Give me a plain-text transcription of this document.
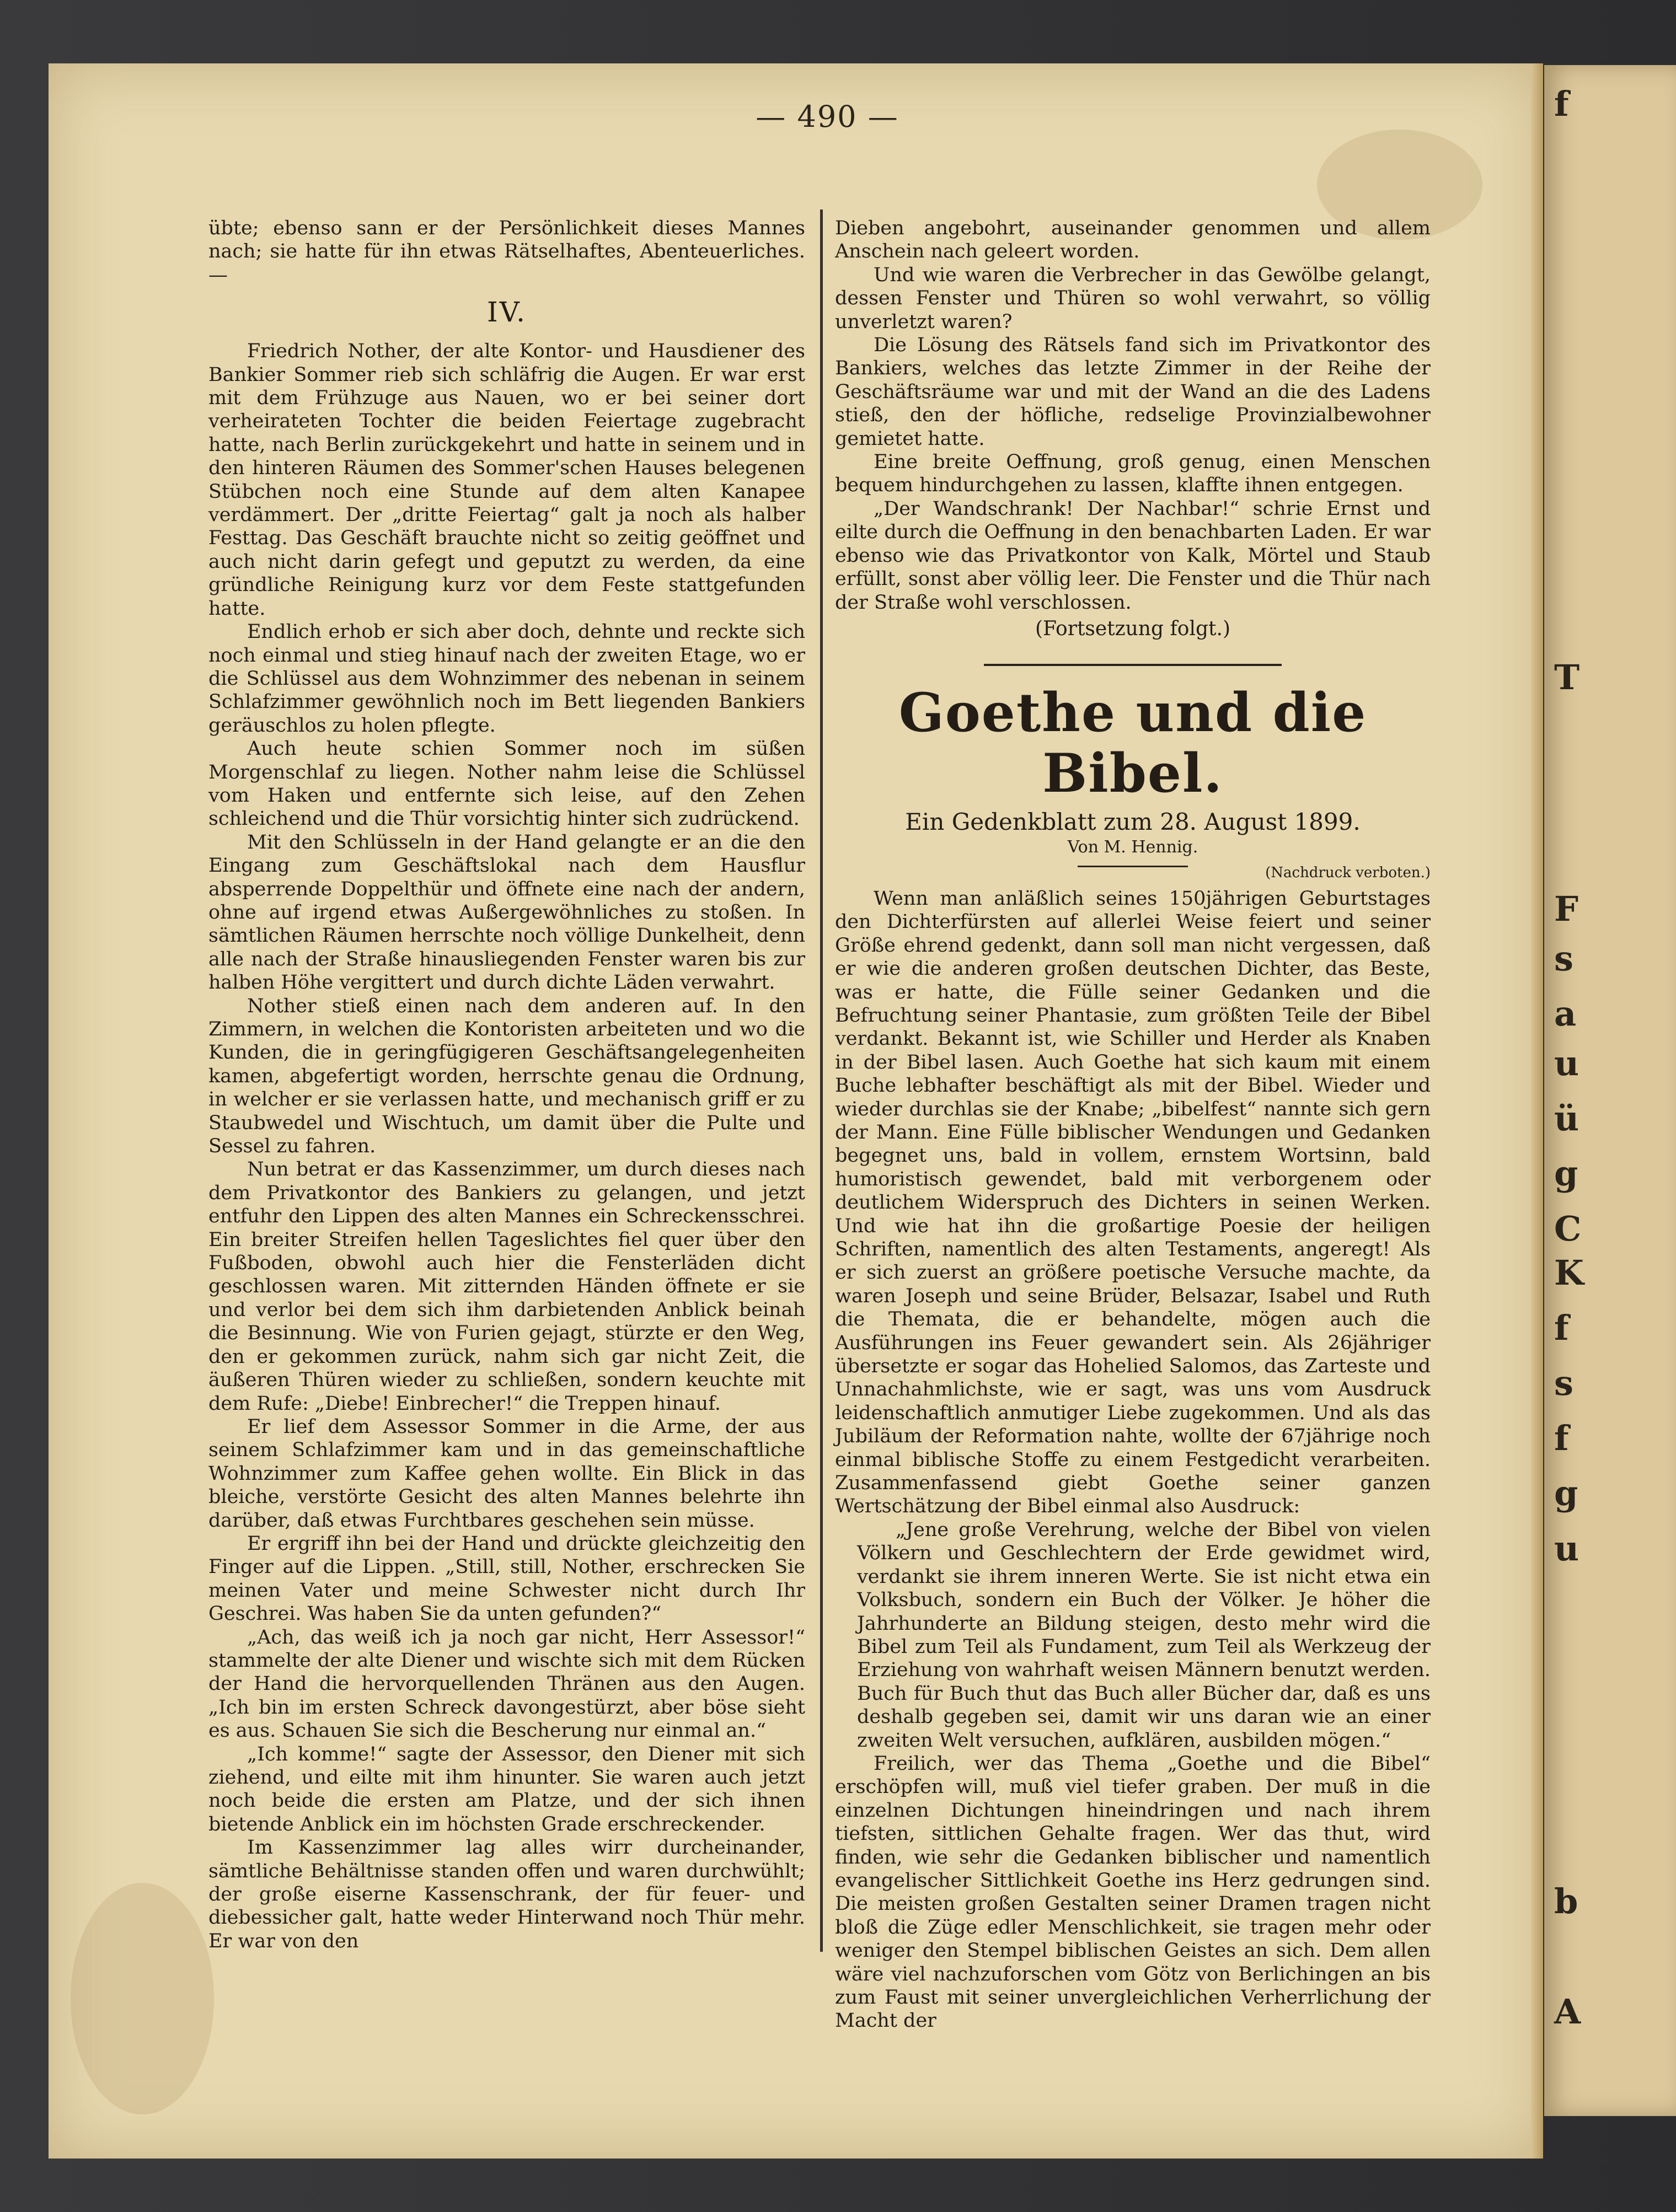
f
T
F
s
a
u
ü
g
C
K
f
s
f
g
u
b
A
— 490 —

übte; ebenso sann er der Persönlichkeit dieses Mannes nach; sie hatte für ihn etwas Rätselhaftes, Abenteuerliches. —

IV.

Friedrich Nother, der alte Kontor- und Hausdiener des Bankier Sommer rieb sich schläfrig die Augen. Er war erst mit dem Frühzuge aus Nauen, wo er bei seiner dort verheirateten Tochter die beiden Feiertage zugebracht hatte, nach Berlin zurückgekehrt und hatte in seinem und in den hinteren Räumen des Sommer'schen Hauses belegenen Stübchen noch eine Stunde auf dem alten Kanapee verdämmert. Der „dritte Feiertag“ galt ja noch als halber Festtag. Das Geschäft brauchte nicht so zeitig geöffnet und auch nicht darin gefegt und geputzt zu werden, da eine gründliche Reinigung kurz vor dem Feste stattgefunden hatte.

Endlich erhob er sich aber doch, dehnte und reckte sich noch einmal und stieg hinauf nach der zweiten Etage, wo er die Schlüssel aus dem Wohnzimmer des nebenan in seinem Schlafzimmer gewöhnlich noch im Bett liegenden Bankiers geräuschlos zu holen pflegte.

Auch heute schien Sommer noch im süßen Morgenschlaf zu liegen. Nother nahm leise die Schlüssel vom Haken und entfernte sich leise, auf den Zehen schleichend und die Thür vorsichtig hinter sich zudrückend.

Mit den Schlüsseln in der Hand gelangte er an die den Eingang zum Geschäftslokal nach dem Hausflur absperrende Doppelthür und öffnete eine nach der andern, ohne auf irgend etwas Außergewöhnliches zu stoßen. In sämtlichen Räumen herrschte noch völlige Dunkelheit, denn alle nach der Straße hinausliegenden Fenster waren bis zur halben Höhe vergittert und durch dichte Läden verwahrt.

Nother stieß einen nach dem anderen auf. In den Zimmern, in welchen die Kontoristen arbeiteten und wo die Kunden, die in geringfügigeren Geschäftsangelegenheiten kamen, abgefertigt worden, herrschte genau die Ordnung, in welcher er sie verlassen hatte, und mechanisch griff er zu Staubwedel und Wischtuch, um damit über die Pulte und Sessel zu fahren.

Nun betrat er das Kassenzimmer, um durch dieses nach dem Privatkontor des Bankiers zu gelangen, und jetzt entfuhr den Lippen des alten Mannes ein Schreckensschrei. Ein breiter Streifen hellen Tageslichtes fiel quer über den Fußboden, obwohl auch hier die Fensterläden dicht geschlossen waren. Mit zitternden Händen öffnete er sie und verlor bei dem sich ihm darbietenden Anblick beinah die Besinnung. Wie von Furien gejagt, stürzte er den Weg, den er gekommen zurück, nahm sich gar nicht Zeit, die äußeren Thüren wieder zu schließen, sondern keuchte mit dem Rufe: „Diebe! Einbrecher!“ die Treppen hinauf.

Er lief dem Assessor Sommer in die Arme, der aus seinem Schlafzimmer kam und in das gemeinschaftliche Wohnzimmer zum Kaffee gehen wollte. Ein Blick in das bleiche, verstörte Gesicht des alten Mannes belehrte ihn darüber, daß etwas Furchtbares geschehen sein müsse.

Er ergriff ihn bei der Hand und drückte gleichzeitig den Finger auf die Lippen. „Still, still, Nother, erschrecken Sie meinen Vater und meine Schwester nicht durch Ihr Geschrei. Was haben Sie da unten gefunden?“

„Ach, das weiß ich ja noch gar nicht, Herr Assessor!“ stammelte der alte Diener und wischte sich mit dem Rücken der Hand die hervorquellenden Thränen aus den Augen. „Ich bin im ersten Schreck davongestürzt, aber böse sieht es aus. Schauen Sie sich die Bescherung nur einmal an.“

„Ich komme!“ sagte der Assessor, den Diener mit sich ziehend, und eilte mit ihm hinunter. Sie waren auch jetzt noch beide die ersten am Platze, und der sich ihnen bietende Anblick ein im höchsten Grade erschreckender.

Im Kassenzimmer lag alles wirr durcheinander, sämtliche Behältnisse standen offen und waren durchwühlt; der große eiserne Kassenschrank, der für feuer- und diebessicher galt, hatte weder Hinterwand noch Thür mehr. Er war von den

Dieben angebohrt, auseinander genommen und allem Anschein nach geleert worden.

Und wie waren die Verbrecher in das Gewölbe gelangt, dessen Fenster und Thüren so wohl verwahrt, so völlig unverletzt waren?

Die Lösung des Rätsels fand sich im Privatkontor des Bankiers, welches das letzte Zimmer in der Reihe der Geschäftsräume war und mit der Wand an die des Ladens stieß, den der höfliche, redselige Provinzialbewohner gemietet hatte.

Eine breite Oeffnung, groß genug, einen Menschen bequem hindurchgehen zu lassen, klaffte ihnen entgegen.

„Der Wandschrank! Der Nachbar!“ schrie Ernst und eilte durch die Oeffnung in den benachbarten Laden. Er war ebenso wie das Privatkontor von Kalk, Mörtel und Staub erfüllt, sonst aber völlig leer. Die Fenster und die Thür nach der Straße wohl verschlossen.

(Fortsetzung folgt.)
Goethe und die Bibel.
Ein Gedenkblatt zum 28. August 1899.
Von M. Hennig.
(Nachdruck verboten.)

Wenn man anläßlich seines 150jährigen Geburtstages den Dichterfürsten auf allerlei Weise feiert und seiner Größe ehrend gedenkt, dann soll man nicht vergessen, daß er wie die anderen großen deutschen Dichter, das Beste, was er hatte, die Fülle seiner Gedanken und die Befruchtung seiner Phantasie, zum größten Teile der Bibel verdankt. Bekannt ist, wie Schiller und Herder als Knaben in der Bibel lasen. Auch Goethe hat sich kaum mit einem Buche lebhafter beschäftigt als mit der Bibel. Wieder und wieder durchlas sie der Knabe; „bibelfest“ nannte sich gern der Mann. Eine Fülle biblischer Wendungen und Gedanken begegnet uns, bald in vollem, ernstem Wortsinn, bald humoristisch gewendet, bald mit verborgenem oder deutlichem Widerspruch des Dichters in seinen Werken. Und wie hat ihn die großartige Poesie der heiligen Schriften, namentlich des alten Testaments, angeregt! Als er sich zuerst an größere poetische Versuche machte, da waren Joseph und seine Brüder, Belsazar, Isabel und Ruth die Themata, die er behandelte, mögen auch die Ausführungen ins Feuer gewandert sein. Als 26jähriger übersetzte er sogar das Hohelied Salomos, das Zarteste und Unnachahmlichste, wie er sagt, was uns vom Ausdruck leidenschaftlich anmutiger Liebe zugekommen. Und als das Jubiläum der Reformation nahte, wollte der 67jährige noch einmal biblische Stoffe zu einem Festgedicht verarbeiten. Zusammenfassend giebt Goethe seiner ganzen Wertschätzung der Bibel einmal also Ausdruck:

„Jene große Verehrung, welche der Bibel von vielen Völkern und Geschlechtern der Erde gewidmet wird, verdankt sie ihrem inneren Werte. Sie ist nicht etwa ein Volksbuch, sondern ein Buch der Völker. Je höher die Jahrhunderte an Bildung steigen, desto mehr wird die Bibel zum Teil als Fundament, zum Teil als Werkzeug der Erziehung von wahrhaft weisen Männern benutzt werden. Buch für Buch thut das Buch aller Bücher dar, daß es uns deshalb gegeben sei, damit wir uns daran wie an einer zweiten Welt versuchen, aufklären, ausbilden mögen.“

Freilich, wer das Thema „Goethe und die Bibel“ erschöpfen will, muß viel tiefer graben. Der muß in die einzelnen Dichtungen hineindringen und nach ihrem tiefsten, sittlichen Gehalte fragen. Wer das thut, wird finden, wie sehr die Gedanken biblischer und namentlich evangelischer Sittlichkeit Goethe ins Herz gedrungen sind. Die meisten großen Gestalten seiner Dramen tragen nicht bloß die Züge edler Menschlichkeit, sie tragen mehr oder weniger den Stempel biblischen Geistes an sich. Dem allen wäre viel nachzuforschen vom Götz von Berlichingen an bis zum Faust mit seiner unvergleichlichen Verherrlichung der Macht der
